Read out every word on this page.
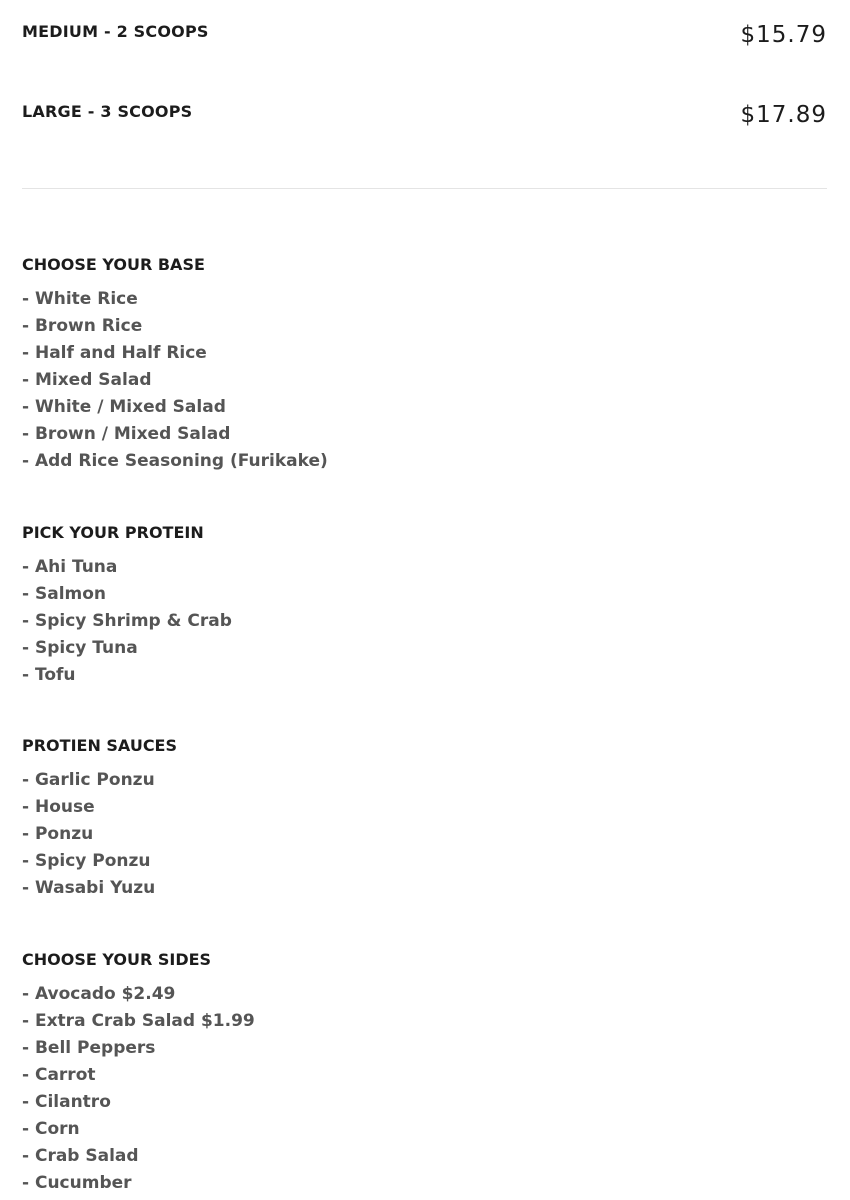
MEDIUM - 2 SCOOPS	$15.79
LARGE - 3 SCOOPS	$17.89
CHOOSE YOUR BASE
- White Rice
- Brown Rice
- Half and Half Rice
- Mixed Salad
- White / Mixed Salad
- Brown / Mixed Salad
- Add Rice Seasoning (Furikake)
PICK YOUR PROTEIN
- Ahi Tuna
- Salmon
- Spicy Shrimp & Crab
- Spicy Tuna
- Tofu
PROTIEN SAUCES
- Garlic Ponzu
- House
- Ponzu
- Spicy Ponzu
- Wasabi Yuzu
CHOOSE YOUR SIDES
- Avocado $2.49
- Extra Crab Salad $1.99
- Bell Peppers
- Carrot
- Cilantro
- Corn
- Crab Salad
- Cucumber
